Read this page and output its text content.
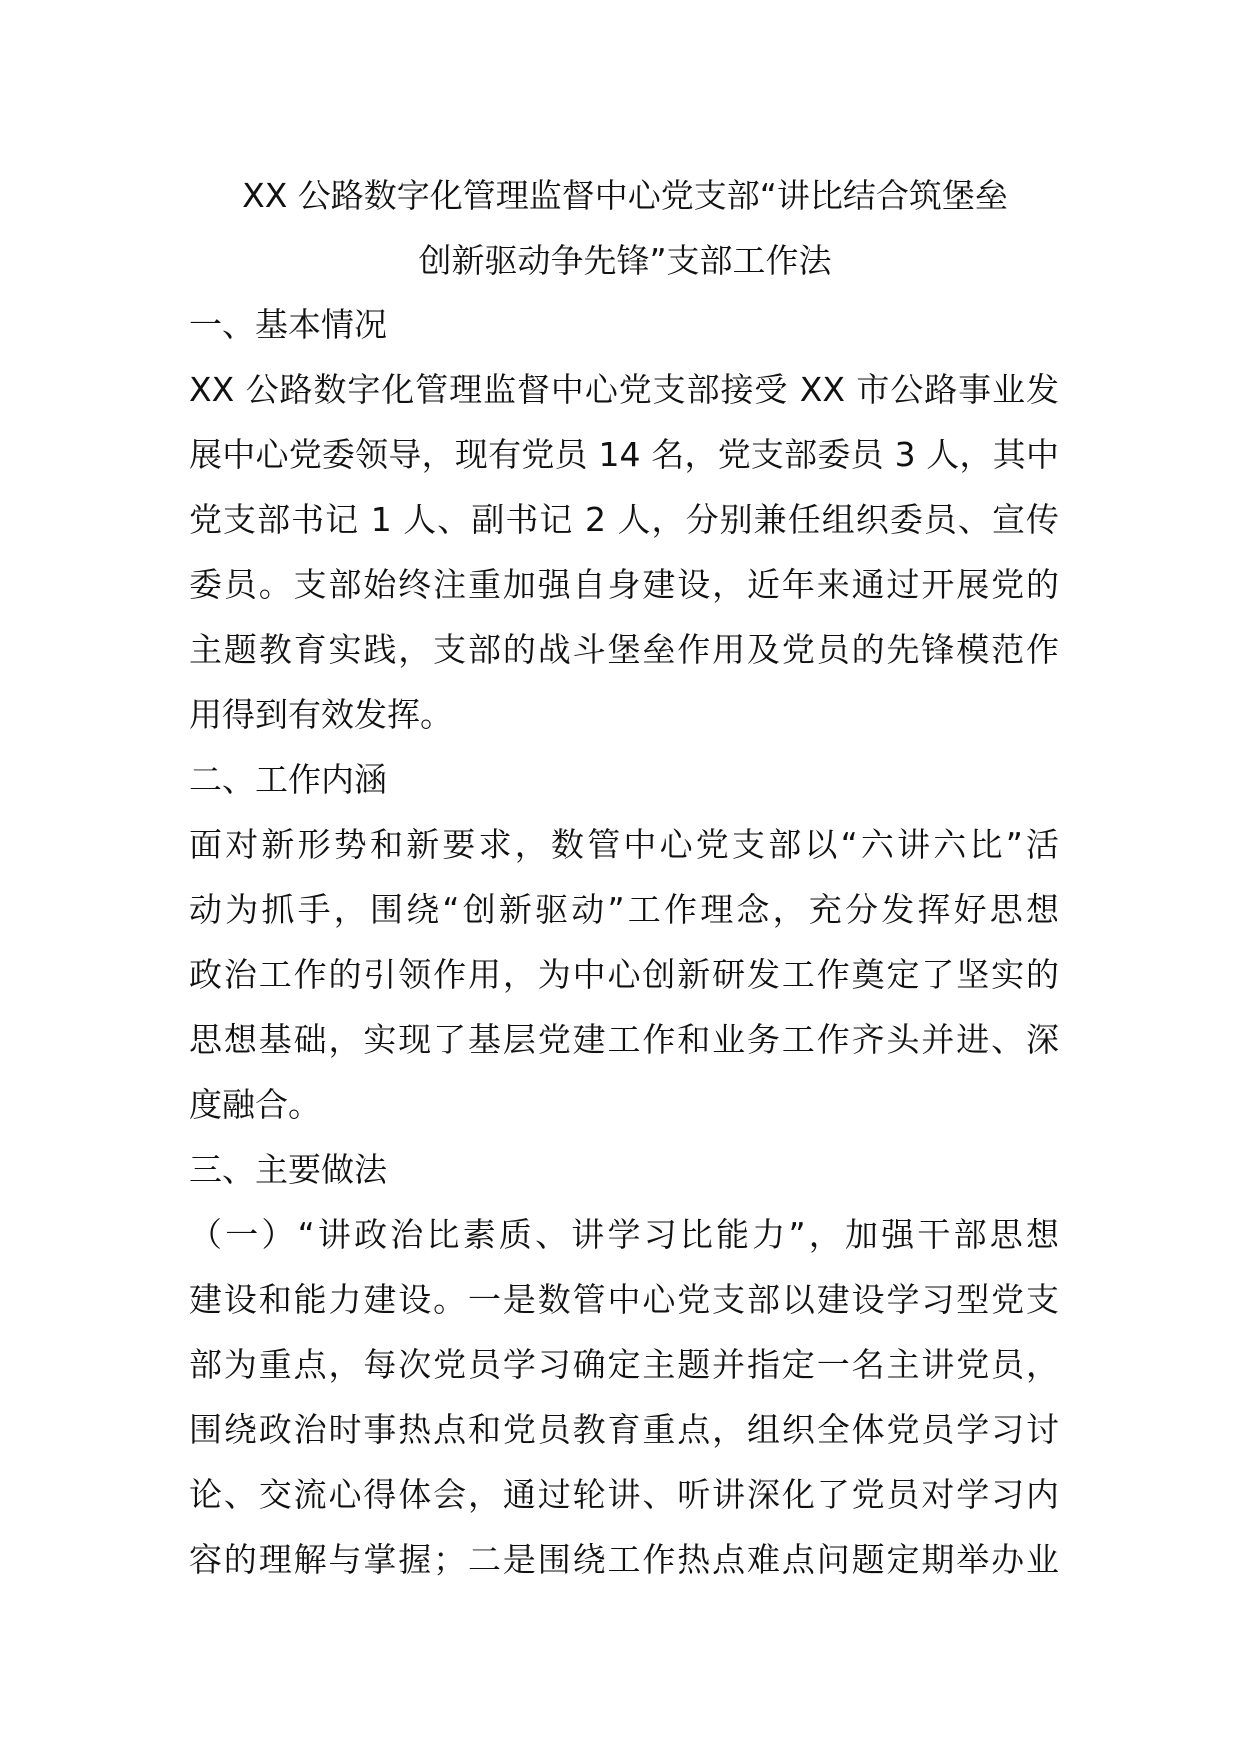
XX 公路数字化管理监督中心党支部“讲比结合筑堡垒
创新驱动争先锋”支部工作法

一、基本情况

XX 公路数字化管理监督中心党支部接受 XX 市公路事业发

展中心党委领导，现有党员 14 名，党支部委员 3 人，其中

党支部书记 1 人、副书记 2 人，分别兼任组织委员、宣传

委员。支部始终注重加强自身建设，近年来通过开展党的

主题教育实践，支部的战斗堡垒作用及党员的先锋模范作

用得到有效发挥。

二、工作内涵

面对新形势和新要求，数管中心党支部以“六讲六比”活

动为抓手，围绕“创新驱动”工作理念，充分发挥好思想

政治工作的引领作用，为中心创新研发工作奠定了坚实的

思想基础，实现了基层党建工作和业务工作齐头并进、深

度融合。

三、主要做法

（一）“讲政治比素质、讲学习比能力”，加强干部思想

建设和能力建设。一是数管中心党支部以建设学习型党支

部为重点，每次党员学习确定主题并指定一名主讲党员，

围绕政治时事热点和党员教育重点，组织全体党员学习讨

论、交流心得体会，通过轮讲、听讲深化了党员对学习内

容的理解与掌握；二是围绕工作热点难点问题定期举办业
